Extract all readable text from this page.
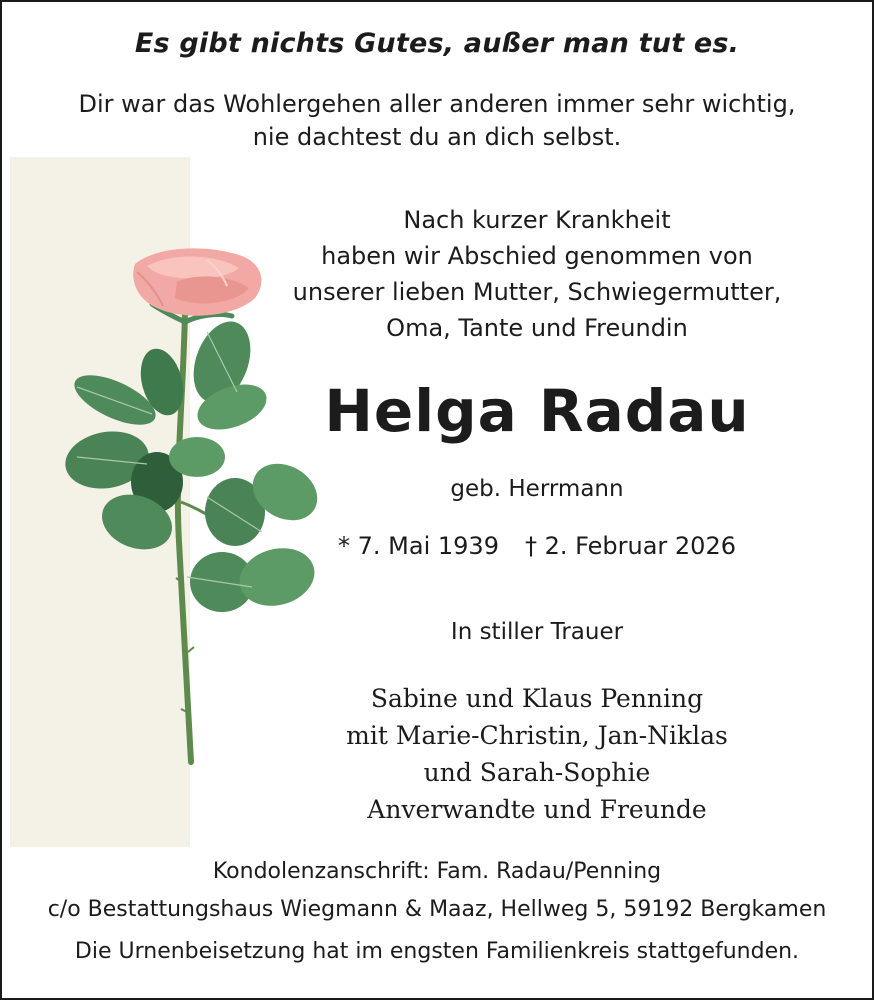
Es gibt nichts Gutes, außer man tut es.
Dir war das Wohlergehen aller anderen immer sehr wichtig,
nie dachtest du an dich selbst.
Nach kurzer Krankheit
haben wir Abschied genommen von
unserer lieben Mutter, Schwiegermutter,
Oma, Tante und Freundin
Helga Radau
geb. Herrmann
* 7. Mai 1939 † 2. Februar 2026
In stiller Trauer
Sabine und Klaus Penning
mit Marie-Christin, Jan-Niklas
und Sarah-Sophie
Anverwandte und Freunde
Kondolenzanschrift: Fam. Radau/Penning
c/o Bestattungshaus Wiegmann & Maaz, Hellweg 5, 59192 Bergkamen
Die Urnenbeisetzung hat im engsten Familienkreis stattgefunden.
